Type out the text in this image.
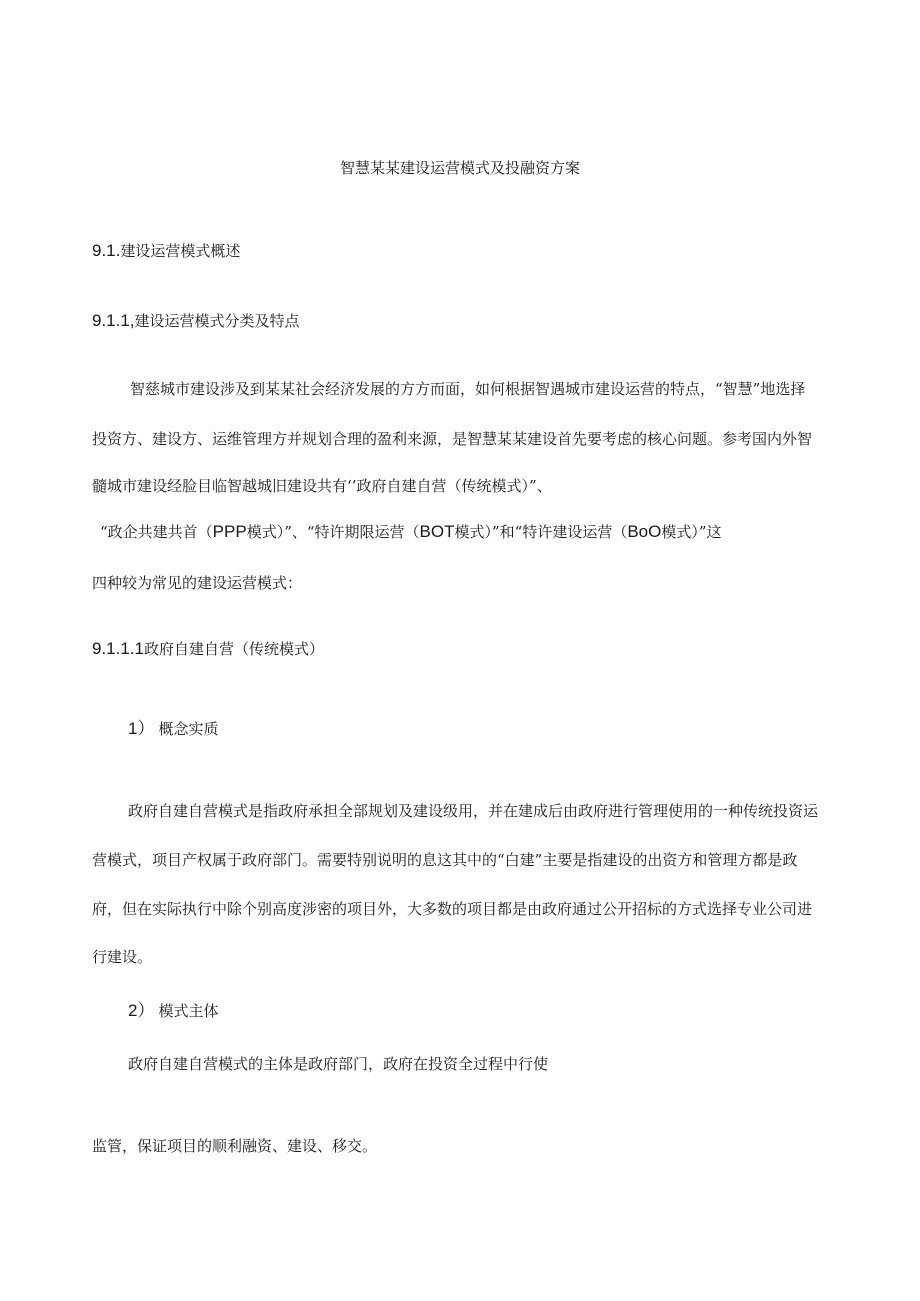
智慧某某建设运营模式及投融资方案
9.1.建设运营模式概述
9.1.1,建设运营模式分类及特点
智慈城市建设涉及到某某社会经济发展的方方而面，如何根据智遇城市建设运营的特点，“智慧”地选择
投资方、建设方、运维管理方并规划合理的盈利来源，是智慧某某建设首先要考虑的核心问题。参考国内外智
髓城市建设经脸目临智越城旧建设共有‘’政府自建自营（传统模式）”、
“政企共建共首（PPP模式）”、“特许期限运营（BOT模式）”和“特许建设运营（BoO模式）”这
四种较为常见的建设运营模式：
9.1.1.1政府自建自营（传统模式）
1） 概念实质
政府自建自营模式是指政府承担全部规划及建设级用，并在建成后由政府进行管理使用的一种传统投资运
营模式，项目产权属于政府部门。需要特别说明的息这其中的“白建”主要是指建设的出资方和管理方都是政
府，但在实际执行中除个别高度涉密的项目外，大多数的项目都是由政府通过公开招标的方式选择专业公司进
行建设。
2） 模式主体
政府自建自营模式的主体是政府部门，政府在投资全过程中行使
监管，保证项目的顺利融资、建设、移交。
